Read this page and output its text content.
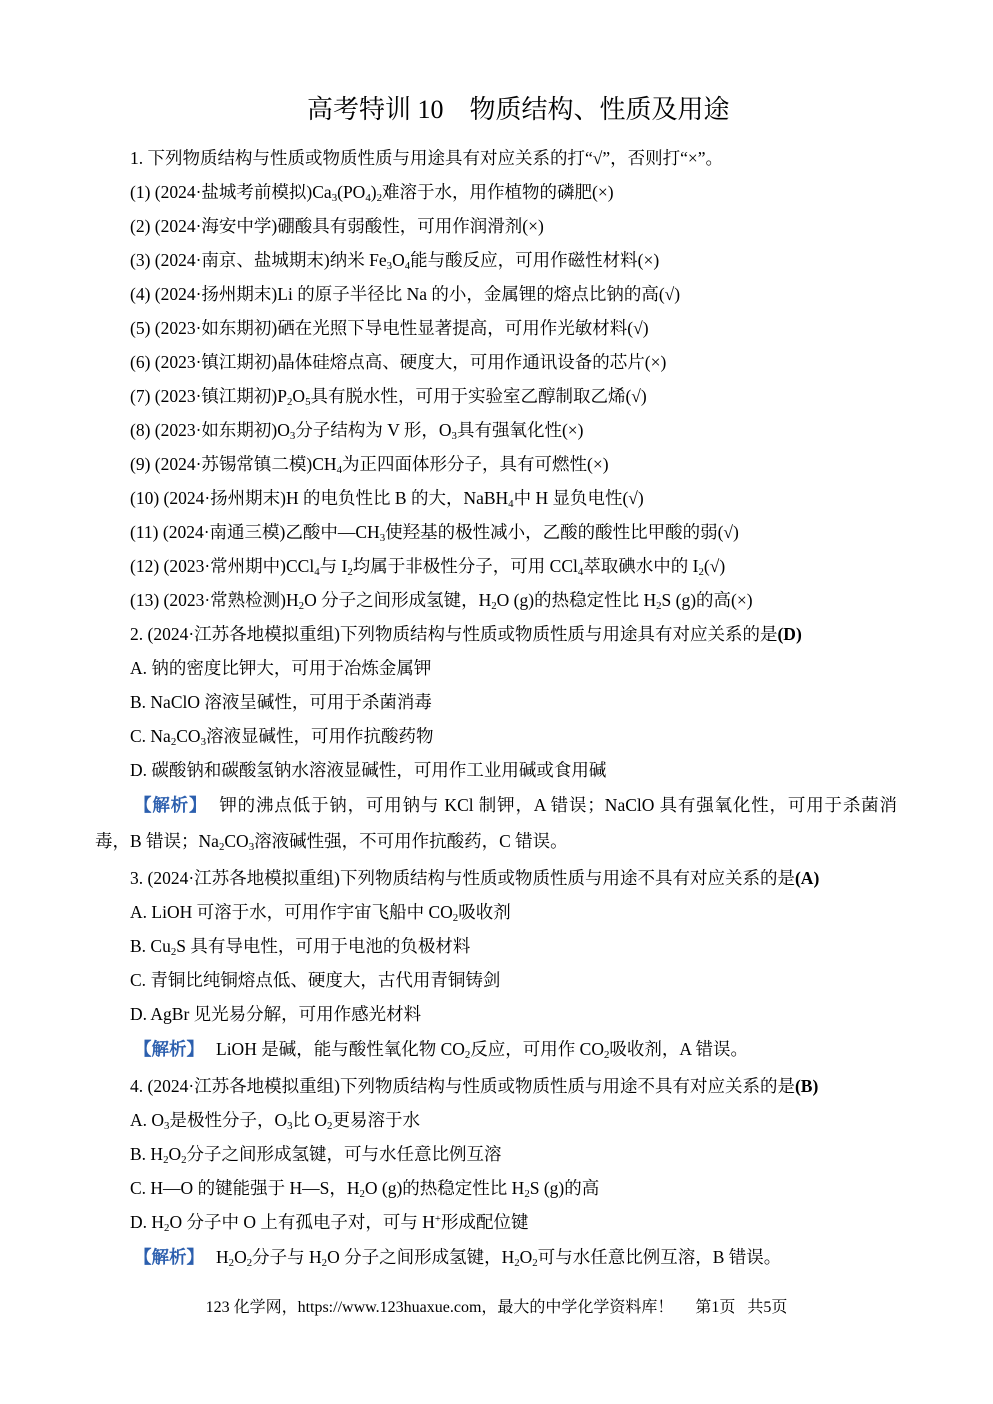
高考特训 10　物质结构、性质及用途

1. 下列物质结构与性质或物质性质与用途具有对应关系的打“√”，否则打“×”。

(1) (2024·盐城考前模拟)$Ca_3(PO_4)_2$难溶于水，用作植物的磷肥(×)

(2) (2024·海安中学)硼酸具有弱酸性，可用作润滑剂(×)

(3) (2024·南京、盐城期末)纳米 $Fe_3O_4$能与酸反应，可用作磁性材料(×)

(4) (2024·扬州期末)Li 的原子半径比 Na 的小，金属锂的熔点比钠的高(√)

(5) (2023·如东期初)硒在光照下导电性显著提高，可用作光敏材料(√)

(6) (2023·镇江期初)晶体硅熔点高、硬度大，可用作通讯设备的芯片(×)

(7) (2023·镇江期初)$P_2O_5$具有脱水性，可用于实验室乙醇制取乙烯(√)

(8) (2023·如东期初)$O_3$分子结构为 V 形，$O_3$具有强氧化性(×)

(9) (2024·苏锡常镇二模)$CH_4$为正四面体形分子，具有可燃性(×)

(10) (2024·扬州期末)H 的电负性比 B 的大，NaBH$_4$中 H 显负电性(√)

(11) (2024·南通三模)乙酸中$—CH_3$使羟基的极性减小，乙酸的酸性比甲酸的弱(√)

(12) (2023·常州期中)CCl$_4$与 $I_2$均属于非极性分子，可用 CCl$_4$萃取碘水中的 $I_2(√)$

(13) (2023·常熟检测)$H_2O$ 分子之间形成氢键，$H_2O$ (g)的热稳定性比 $H_2S$ (g)的高(×)

2. (2024·江苏各地模拟重组)下列物质结构与性质或物质性质与用途具有对应关系的是(D)

A. 钠的密度比钾大，可用于冶炼金属钾

B. NaClO 溶液呈碱性，可用于杀菌消毒

C. $Na_2CO_3$溶液显碱性，可用作抗酸药物

D. 碳酸钠和碳酸氢钠水溶液显碱性，可用作工业用碱或食用碱

【解析】 钾的沸点低于钠，可用钠与 KCl 制钾，A 错误；NaClO 具有强氧化性，可用于杀菌消毒，B 错误；$Na_2CO_3$溶液碱性强，不可用作抗酸药，C 错误。

3. (2024·江苏各地模拟重组)下列物质结构与性质或物质性质与用途不具有对应关系的是(A)

A. LiOH 可溶于水，可用作宇宙飞船中 $CO_2$吸收剂

B. $Cu_2S$ 具有导电性，可用于电池的负极材料

C. 青铜比纯铜熔点低、硬度大，古代用青铜铸剑

D. AgBr 见光易分解，可用作感光材料

【解析】 LiOH 是碱，能与酸性氧化物 $CO_2$反应，可用作 $CO_2$吸收剂，A 错误。

4. (2024·江苏各地模拟重组)下列物质结构与性质或物质性质与用途不具有对应关系的是(B)

A. $O_3$是极性分子，$O_3$比 $O_2$更易溶于水

B. $H_2O_2$分子之间形成氢键，可与水任意比例互溶

C. H—O 的键能强于 H—S，$H_2O$ (g)的热稳定性比 $H_2S$ (g)的高

D. $H_2O$ 分子中 O 上有孤电子对，可与 H+形成配位键

【解析】 $H_2O_2$分子与 $H_2O$ 分子之间形成氢键，$H_2O_2$可与水任意比例互溶，B 错误。

123 化学网，https://www.123huaxue.com，最大的中学化学资料库！ 第1页 共5页
